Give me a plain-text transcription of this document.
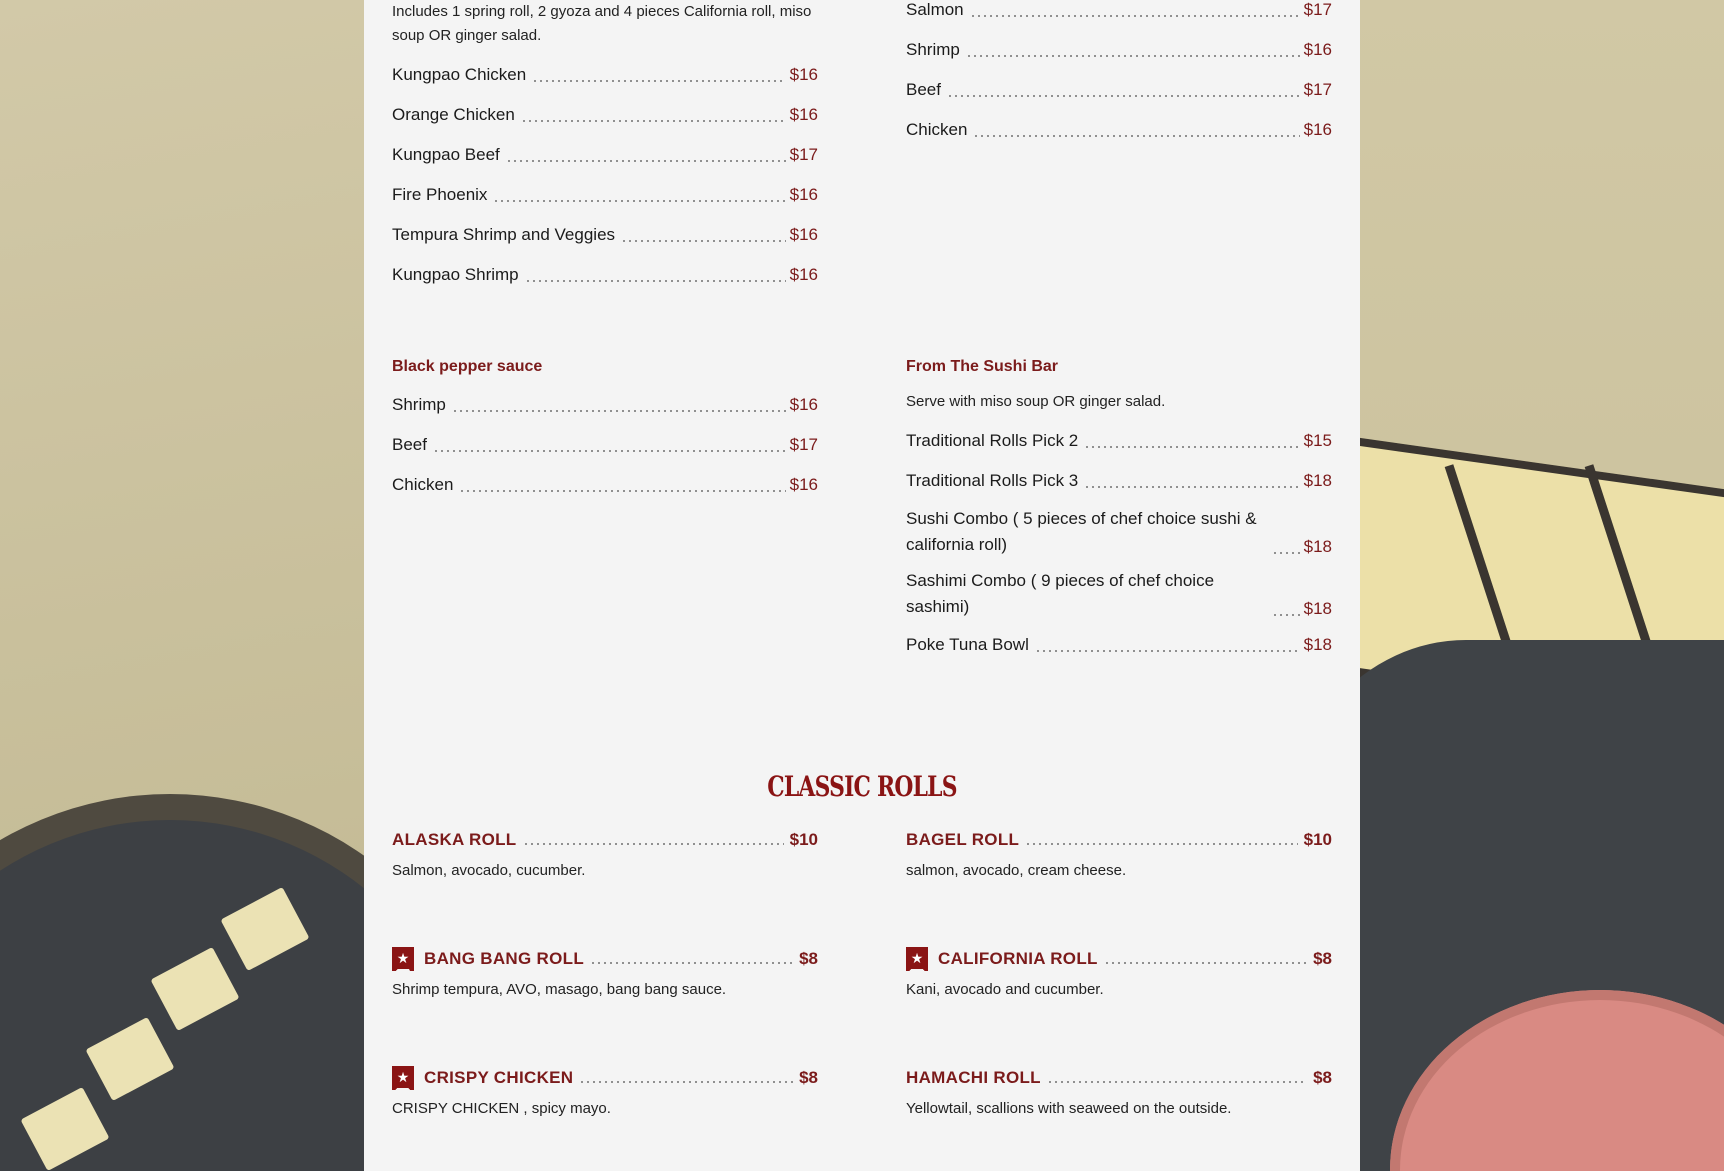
Includes 1 spring roll, 2 gyoza and 4 pieces California roll, miso soup OR ginger salad.

Kungpao Chicken	$16
Orange Chicken	$16
Kungpao Beef	$17
Fire Phoenix	$16
Tempura Shrimp and Veggies	$16
Kungpao Shrimp	$16
Salmon	$17
Shrimp	$16
Beef	$17
Chicken	$16
Black pepper sauce
Shrimp	$16
Beef	$17
Chicken	$16
From The Sushi Bar

Serve with miso soup OR ginger salad.

Traditional Rolls Pick 2	$15
Traditional Rolls Pick 3	$18
Sushi Combo ( 5 pieces of chef choice sushi & california roll)	$18
Sashimi Combo ( 9 pieces of chef choice sashimi)	$18
Poke Tuna Bowl	$18
CLASSIC ROLLS
ALASKA ROLL	$10
Salmon, avocado, cucumber.
★ BANG BANG ROLL	$8
Shrimp tempura, AVO, masago, bang bang sauce.
★ CRISPY CHICKEN	$8
CRISPY CHICKEN , spicy mayo.
BAGEL ROLL	$10
salmon, avocado, cream cheese.
★ CALIFORNIA ROLL	$8
Kani, avocado and cucumber.
HAMACHI ROLL	$8
Yellowtail, scallions with seaweed on the outside.
